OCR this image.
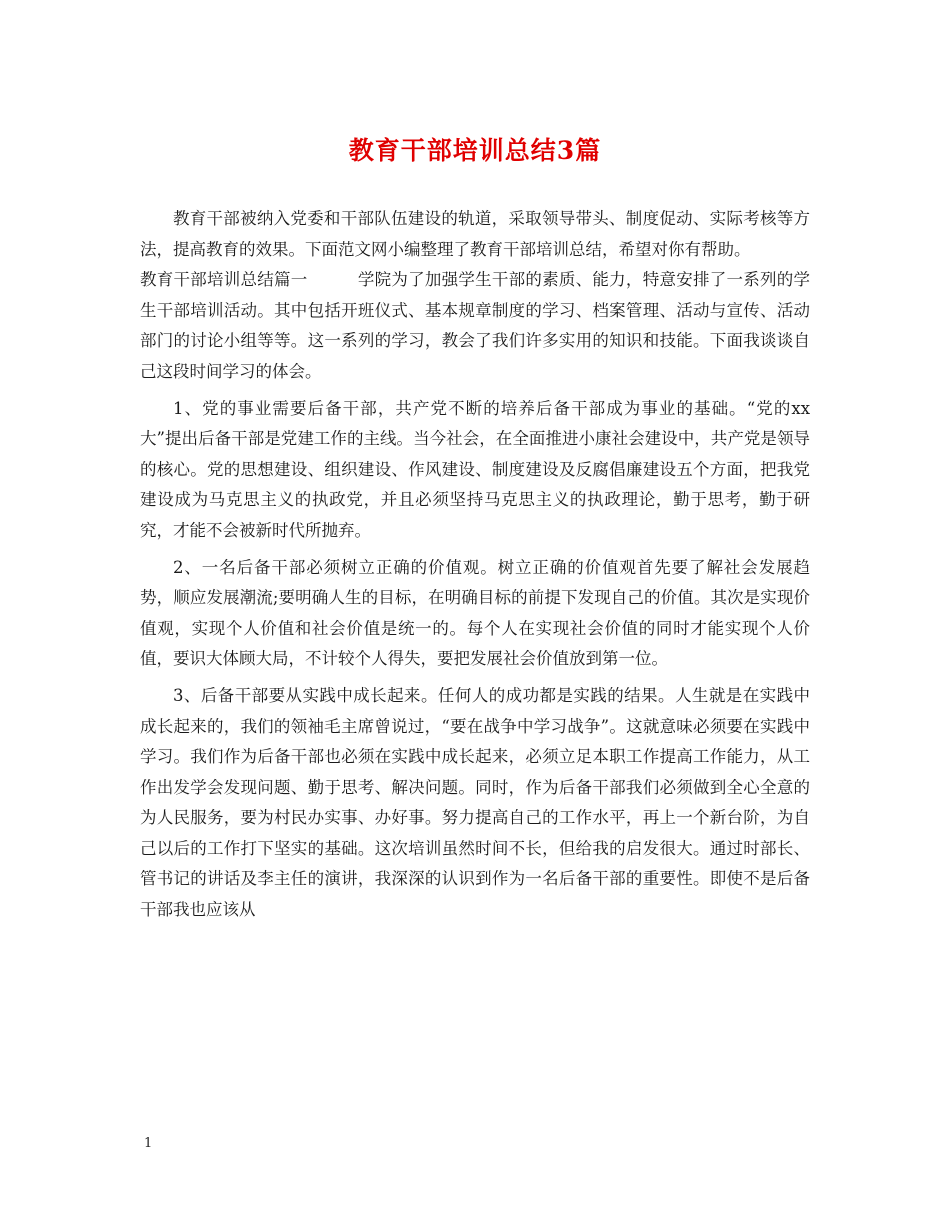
教育干部培训总结3篇

教育干部被纳入党委和干部队伍建设的轨道，采取领导带头、制度促动、实际考核等方法，提高教育的效果。下面范文网小编整理了教育干部培训总结，希望对你有帮助。

教育干部培训总结篇一　　　学院为了加强学生干部的素质、能力，特意安排了一系列的学生干部培训活动。其中包括开班仪式、基本规章制度的学习、档案管理、活动与宣传、活动部门的讨论小组等等。这一系列的学习，教会了我们许多实用的知识和技能。下面我谈谈自己这段时间学习的体会。

1、党的事业需要后备干部，共产党不断的培养后备干部成为事业的基础。“党的xx大”提出后备干部是党建工作的主线。当今社会，在全面推进小康社会建设中，共产党是领导的核心。党的思想建设、组织建设、作风建设、制度建设及反腐倡廉建设五个方面，把我党建设成为马克思主义的执政党，并且必须坚持马克思主义的执政理论，勤于思考，勤于研究，才能不会被新时代所抛弃。

2、一名后备干部必须树立正确的价值观。树立正确的价值观首先要了解社会发展趋势，顺应发展潮流;要明确人生的目标，在明确目标的前提下发现自己的价值。其次是实现价值观，实现个人价值和社会价值是统一的。每个人在实现社会价值的同时才能实现个人价值，要识大体顾大局，不计较个人得失，要把发展社会价值放到第一位。

3、后备干部要从实践中成长起来。任何人的成功都是实践的结果。人生就是在实践中成长起来的，我们的领袖毛主席曾说过，“要在战争中学习战争”。这就意味必须要在实践中学习。我们作为后备干部也必须在实践中成长起来，必须立足本职工作提高工作能力，从工作出发学会发现问题、勤于思考、解决问题。同时，作为后备干部我们必须做到全心全意的为人民服务，要为村民办实事、办好事。努力提高自己的工作水平，再上一个新台阶，为自己以后的工作打下坚实的基础。这次培训虽然时间不长，但给我的启发很大。通过时部长、管书记的讲话及李主任的演讲，我深深的认识到作为一名后备干部的重要性。即使不是后备干部我也应该从

1
